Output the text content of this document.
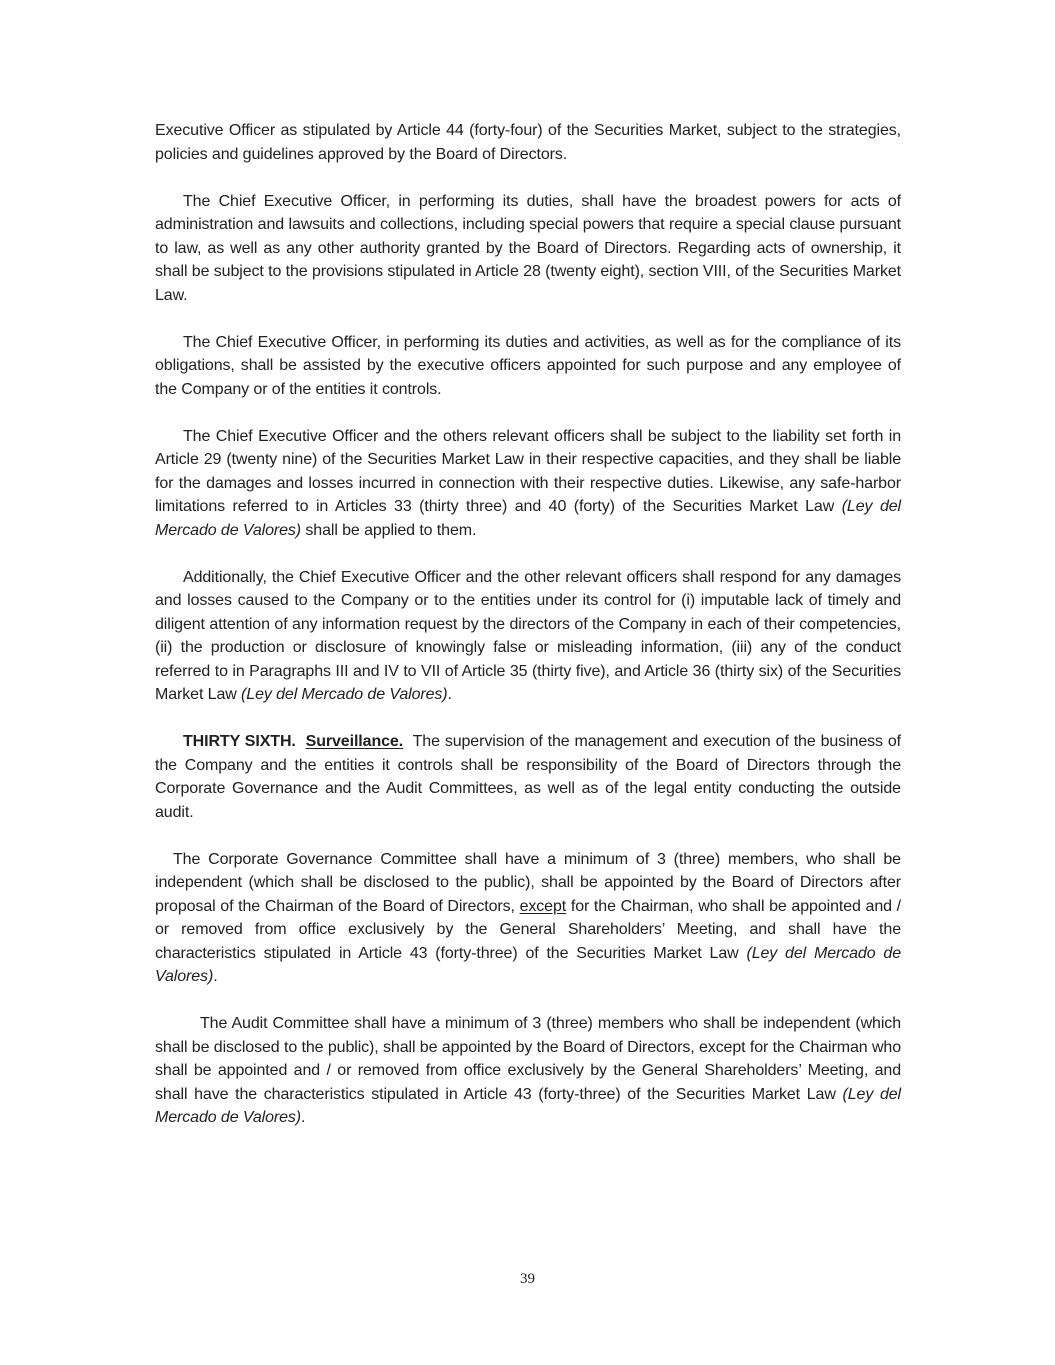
Executive Officer as stipulated by Article 44 (forty-four) of the Securities Market, subject to the strategies, policies and guidelines approved by the Board of Directors.

The Chief Executive Officer, in performing its duties, shall have the broadest powers for acts of administration and lawsuits and collections, including special powers that require a special clause pursuant to law, as well as any other authority granted by the Board of Directors. Regarding acts of ownership, it shall be subject to the provisions stipulated in Article 28 (twenty eight), section VIII, of the Securities Market Law.

The Chief Executive Officer, in performing its duties and activities, as well as for the compliance of its obligations, shall be assisted by the executive officers appointed for such purpose and any employee of the Company or of the entities it controls.

The Chief Executive Officer and the others relevant officers shall be subject to the liability set forth in Article 29 (twenty nine) of the Securities Market Law in their respective capacities, and they shall be liable for the damages and losses incurred in connection with their respective duties. Likewise, any safe-harbor limitations referred to in Articles 33 (thirty three) and 40 (forty) of the Securities Market Law (Ley del Mercado de Valores) shall be applied to them.

Additionally, the Chief Executive Officer and the other relevant officers shall respond for any damages and losses caused to the Company or to the entities under its control for (i) imputable lack of timely and diligent attention of any information request by the directors of the Company in each of their competencies, (ii) the production or disclosure of knowingly false or misleading information, (iii) any of the conduct referred to in Paragraphs III and IV to VII of Article 35 (thirty five), and Article 36 (thirty six) of the Securities Market Law (Ley del Mercado de Valores).

THIRTY SIXTH. Surveillance.  The supervision of the management and execution of the business of the Company and the entities it controls shall be responsibility of the Board of Directors through the Corporate Governance and the Audit Committees, as well as of the legal entity conducting the outside audit.

The Corporate Governance Committee shall have a minimum of 3 (three) members, who shall be independent (which shall be disclosed to the public), shall be appointed by the Board of Directors after proposal of the Chairman of the Board of Directors, except for the Chairman, who shall be appointed and / or removed from office exclusively by the General Shareholders’ Meeting, and shall have the characteristics stipulated in Article 43 (forty-three) of the Securities Market Law (Ley del Mercado de Valores).

The Audit Committee shall have a minimum of 3 (three) members who shall be independent (which shall be disclosed to the public), shall be appointed by the Board of Directors, except for the Chairman who shall be appointed and / or removed from office exclusively by the General Shareholders’ Meeting, and shall have the characteristics stipulated in Article 43 (forty-three) of the Securities Market Law (Ley del Mercado de Valores).

39
